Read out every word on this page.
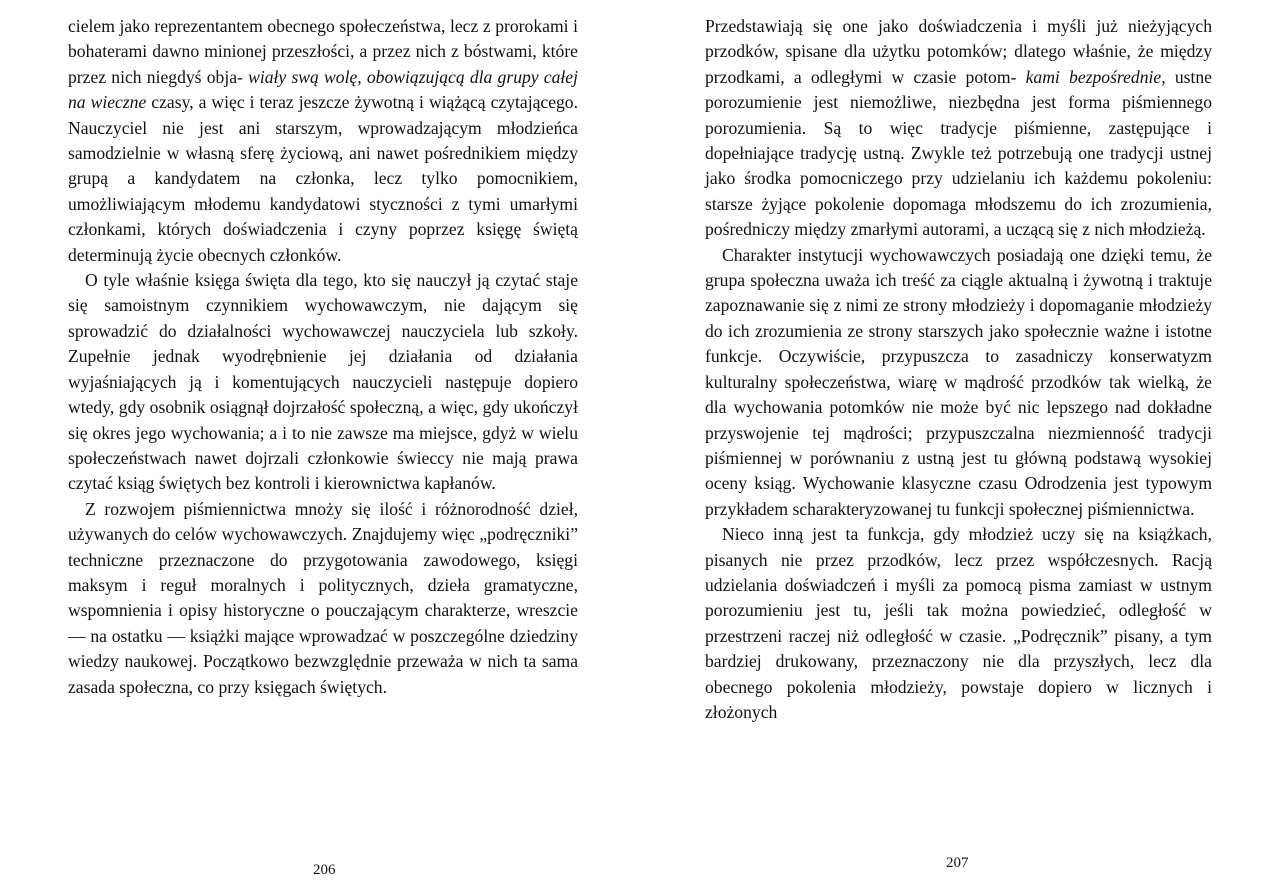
cielem jako reprezentantem obecnego społeczeństwa, lecz z prorokami i bohaterami dawno minionej przeszłości, a przez nich z bóstwami, które przez nich niegdyś obja- wiały swą wolę, obowiązującą dla grupy całej na wieczne czasy, a więc i teraz jeszcze żywotną i wiążącą czytającego. Nauczyciel nie jest ani starszym, wprowadzającym młodzieńca samodzielnie w własną sferę życiową, ani nawet pośrednikiem między grupą a kandydatem na członka, lecz tylko pomocnikiem, umożliwiającym młodemu kandydatowi styczności z tymi umarłymi członkami, których doświadczenia i czyny poprzez księgę świętą determinują życie obecnych członków.

O tyle właśnie księga święta dla tego, kto się nauczył ją czytać staje się samoistnym czynnikiem wychowawczym, nie dającym się sprowadzić do działalności wychowawczej nauczyciela lub szkoły. Zupełnie jednak wyodrębnienie jej działania od działania wyjaśniających ją i komentujących nauczycieli następuje dopiero wtedy, gdy osobnik osiągnął dojrzałość społeczną, a więc, gdy ukończył się okres jego wychowania; a i to nie zawsze ma miejsce, gdyż w wielu społeczeństwach nawet dojrzali członkowie świeccy nie mają prawa czytać ksiąg świętych bez kontroli i kierownictwa kapłanów.

Z rozwojem piśmiennictwa mnoży się ilość i różnorodność dzieł, używanych do celów wychowawczych. Znajdujemy więc „podręczniki” techniczne przeznaczone do przygotowania zawodowego, księgi maksym i reguł moralnych i politycznych, dzieła gramatyczne, wspomnienia i opisy historyczne o pouczającym charakterze, wreszcie — na ostatku — książki mające wprowadzać w poszczególne dziedziny wiedzy naukowej. Początkowo bezwzględnie przeważa w nich ta sama zasada społeczna, co przy księgach świętych.

206

Przedstawiają się one jako doświadczenia i myśli już nieżyjących przodków, spisane dla użytku potomków; dlatego właśnie, że między przodkami, a odległymi w czasie potom- kami bezpośrednie, ustne porozumienie jest niemożliwe, niezbędna jest forma piśmiennego porozumienia. Są to więc tradycje piśmienne, zastępujące i dopełniające tradycję ustną. Zwykle też potrzebują one tradycji ustnej jako środka pomocniczego przy udzielaniu ich każdemu pokoleniu: starsze żyjące pokolenie dopomaga młodszemu do ich zrozumienia, pośredniczy między zmarłymi autorami, a uczącą się z nich młodzieżą.

Charakter instytucji wychowawczych posiadają one dzięki temu, że grupa społeczna uważa ich treść za ciągle aktualną i żywotną i traktuje zapoznawanie się z nimi ze strony młodzieży i dopomaganie młodzieży do ich zrozumienia ze strony starszych jako społecznie ważne i istotne funkcje. Oczywiście, przypuszcza to zasadniczy konserwatyzm kulturalny społeczeństwa, wiarę w mądrość przodków tak wielką, że dla wychowania potomków nie może być nic lepszego nad dokładne przyswojenie tej mądrości; przypuszczalna niezmienność tradycji piśmiennej w porównaniu z ustną jest tu główną podstawą wysokiej oceny ksiąg. Wychowanie klasyczne czasu Odrodzenia jest typowym przykładem scharakteryzowanej tu funkcji społecznej piśmiennictwa.

Nieco inną jest ta funkcja, gdy młodzież uczy się na książkach, pisanych nie przez przodków, lecz przez współczesnych. Racją udzielania doświadczeń i myśli za pomocą pisma zamiast w ustnym porozumieniu jest tu, jeśli tak można powiedzieć, odległość w przestrzeni raczej niż odległość w czasie. „Podręcznik” pisany, a tym bardziej drukowany, przeznaczony nie dla przyszłych, lecz dla obecnego pokolenia młodzieży, powstaje dopiero w licznych i złożonych

207
